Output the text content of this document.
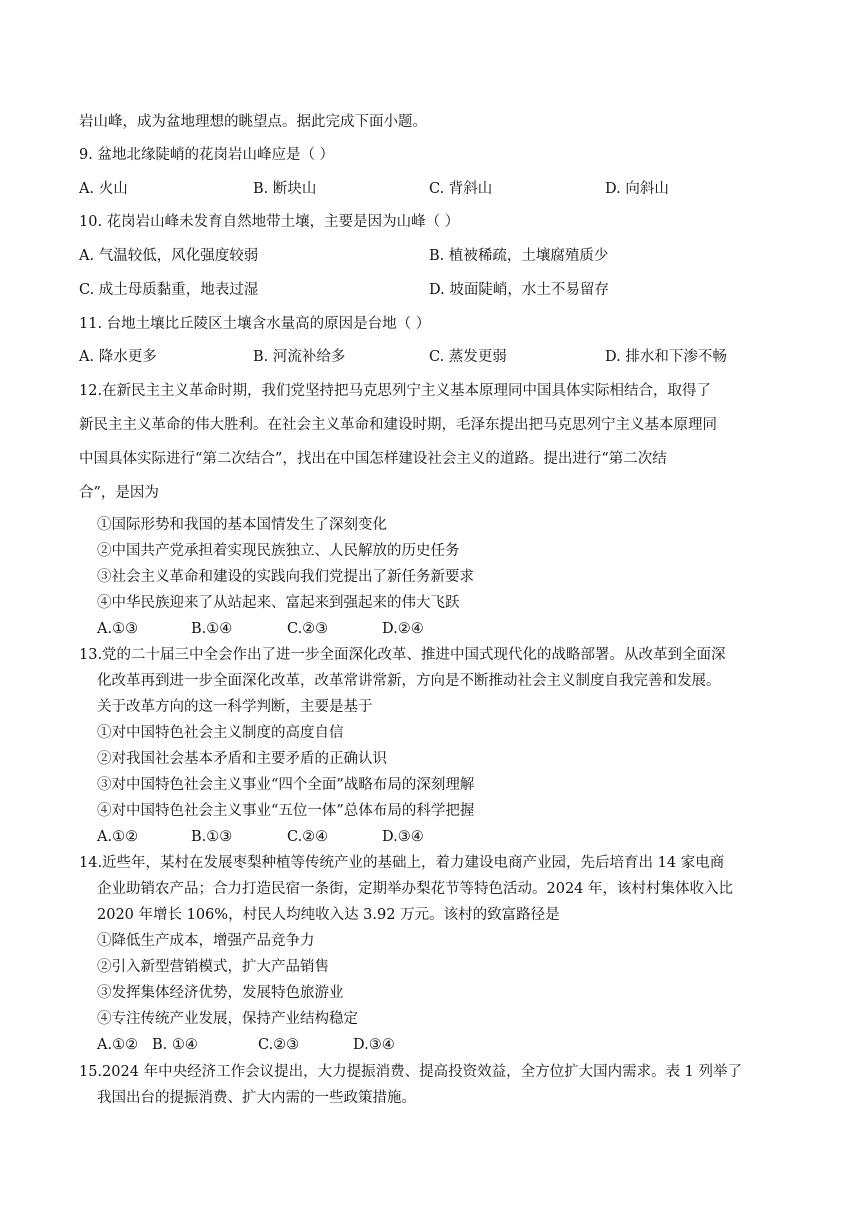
岩山峰，成为盆地理想的眺望点。据此完成下面小题。
9. 盆地北缘陡峭的花岗岩山峰应是（ ）
A. 火山	B. 断块山	C. 背斜山	D. 向斜山
10. 花岗岩山峰未发育自然地带土壤，主要是因为山峰（ ）
A. 气温较低，风化强度较弱	B. 植被稀疏，土壤腐殖质少
C. 成土母质黏重，地表过湿	D. 坡面陡峭，水土不易留存
11. 台地土壤比丘陵区土壤含水量高的原因是台地（ ）
A. 降水更多	B. 河流补给多	C. 蒸发更弱	D. 排水和下渗不畅
12.在新民主主义革命时期，我们党坚持把马克思列宁主义基本原理同中国具体实际相结合，取得了
新民主主义革命的伟大胜利。在社会主义革命和建设时期，毛泽东提出把马克思列宁主义基本原理同
中国具体实际进行“第二次结合”，找出在中国怎样建设社会主义的道路。提出进行“第二次结
合”，是因为
①国际形势和我国的基本国情发生了深刻变化
②中国共产党承担着实现民族独立、人民解放的历史任务
③社会主义革命和建设的实践向我们党提出了新任务新要求
④中华民族迎来了从站起来、富起来到强起来的伟大飞跃
A.①③	B.①④	C.②③	D.②④
13.党的二十届三中全会作出了进一步全面深化改革、推进中国式现代化的战略部署。从改革到全面深
化改革再到进一步全面深化改革，改革常讲常新，方向是不断推动社会主义制度自我完善和发展。
关于改革方向的这一科学判断，主要是基于
①对中国特色社会主义制度的高度自信
②对我国社会基本矛盾和主要矛盾的正确认识
③对中国特色社会主义事业“四个全面”战略布局的深刻理解
④对中国特色社会主义事业“五位一体”总体布局的科学把握
A.①②	B.①③	C.②④	D.③④
14.近些年，某村在发展枣梨种植等传统产业的基础上，着力建设电商产业园，先后培育出 14 家电商
企业助销农产品；合力打造民宿一条街，定期举办梨花节等特色活动。2024 年，该村村集体收入比
2020 年增长 106%，村民人均纯收入达 3.92 万元。该村的致富路径是
①降低生产成本，增强产品竞争力
②引入新型营销模式，扩大产品销售
③发挥集体经济优势，发展特色旅游业
④专注传统产业发展，保持产业结构稳定
A.①② B. ①④	C.②③	D.③④
15.2024 年中央经济工作会议提出，大力提振消费、提高投资效益，全方位扩大国内需求。表 1 列举了
我国出台的提振消费、扩大内需的一些政策措施。
